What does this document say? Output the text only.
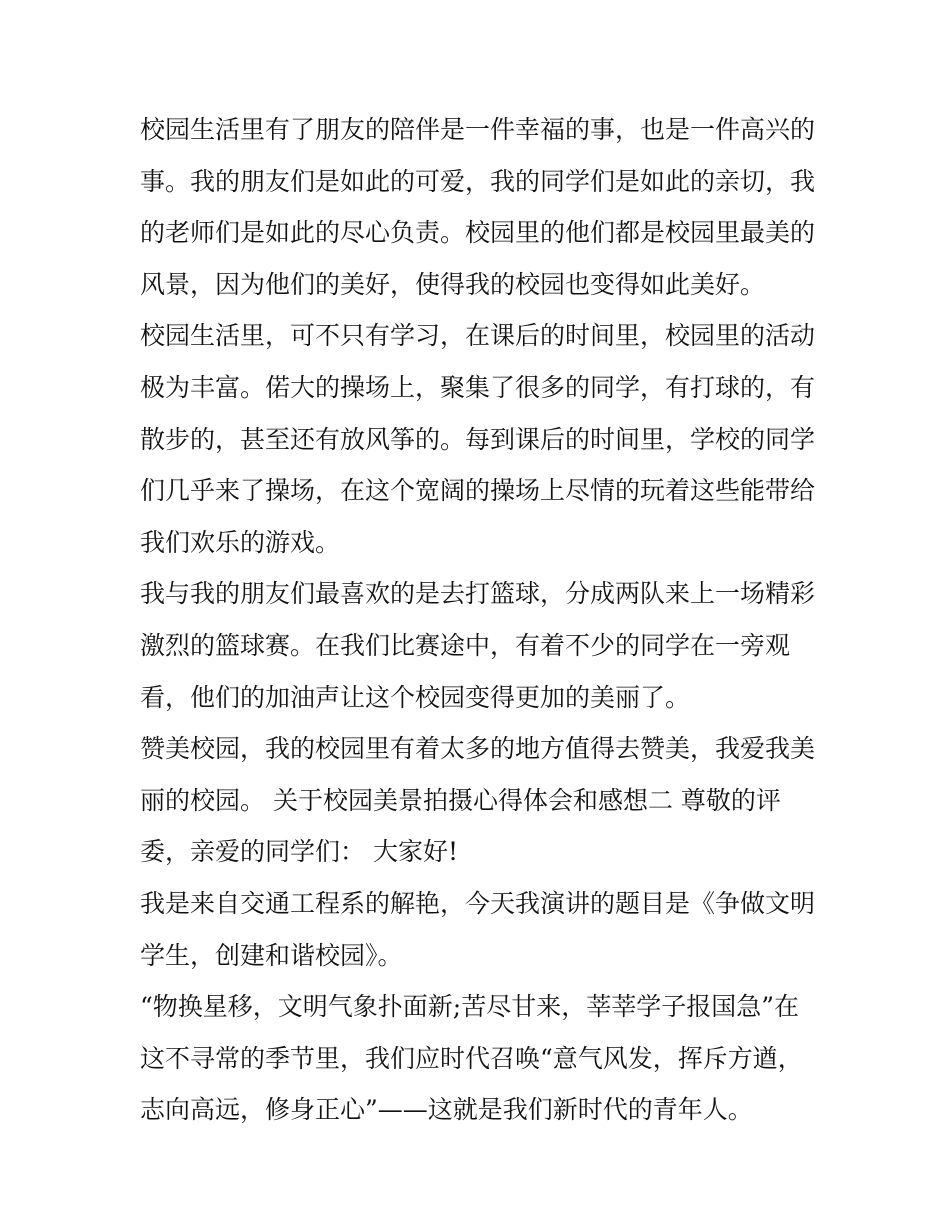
校园生活里有了朋友的陪伴是一件幸福的事，也是一件高兴的
事。我的朋友们是如此的可爱，我的同学们是如此的亲切，我
的老师们是如此的尽心负责。校园里的他们都是校园里最美的
风景，因为他们的美好，使得我的校园也变得如此美好。
校园生活里，可不只有学习，在课后的时间里，校园里的活动
极为丰富。偌大的操场上，聚集了很多的同学，有打球的，有
散步的，甚至还有放风筝的。每到课后的时间里，学校的同学
们几乎来了操场，在这个宽阔的操场上尽情的玩着这些能带给
我们欢乐的游戏。
我与我的朋友们最喜欢的是去打篮球，分成两队来上一场精彩
激烈的篮球赛。在我们比赛途中，有着不少的同学在一旁观
看，他们的加油声让这个校园变得更加的美丽了。
赞美校园，我的校园里有着太多的地方值得去赞美，我爱我美
丽的校园。 关于校园美景拍摄心得体会和感想二 尊敬的评
委，亲爱的同学们： 大家好!
我是来自交通工程系的解艳，今天我演讲的题目是《争做文明
学生，创建和谐校园》。
“物换星移，文明气象扑面新;苦尽甘来，莘莘学子报国急”在
这不寻常的季节里，我们应时代召唤“意气风发，挥斥方遒，
志向高远，修身正心”——这就是我们新时代的青年人。
